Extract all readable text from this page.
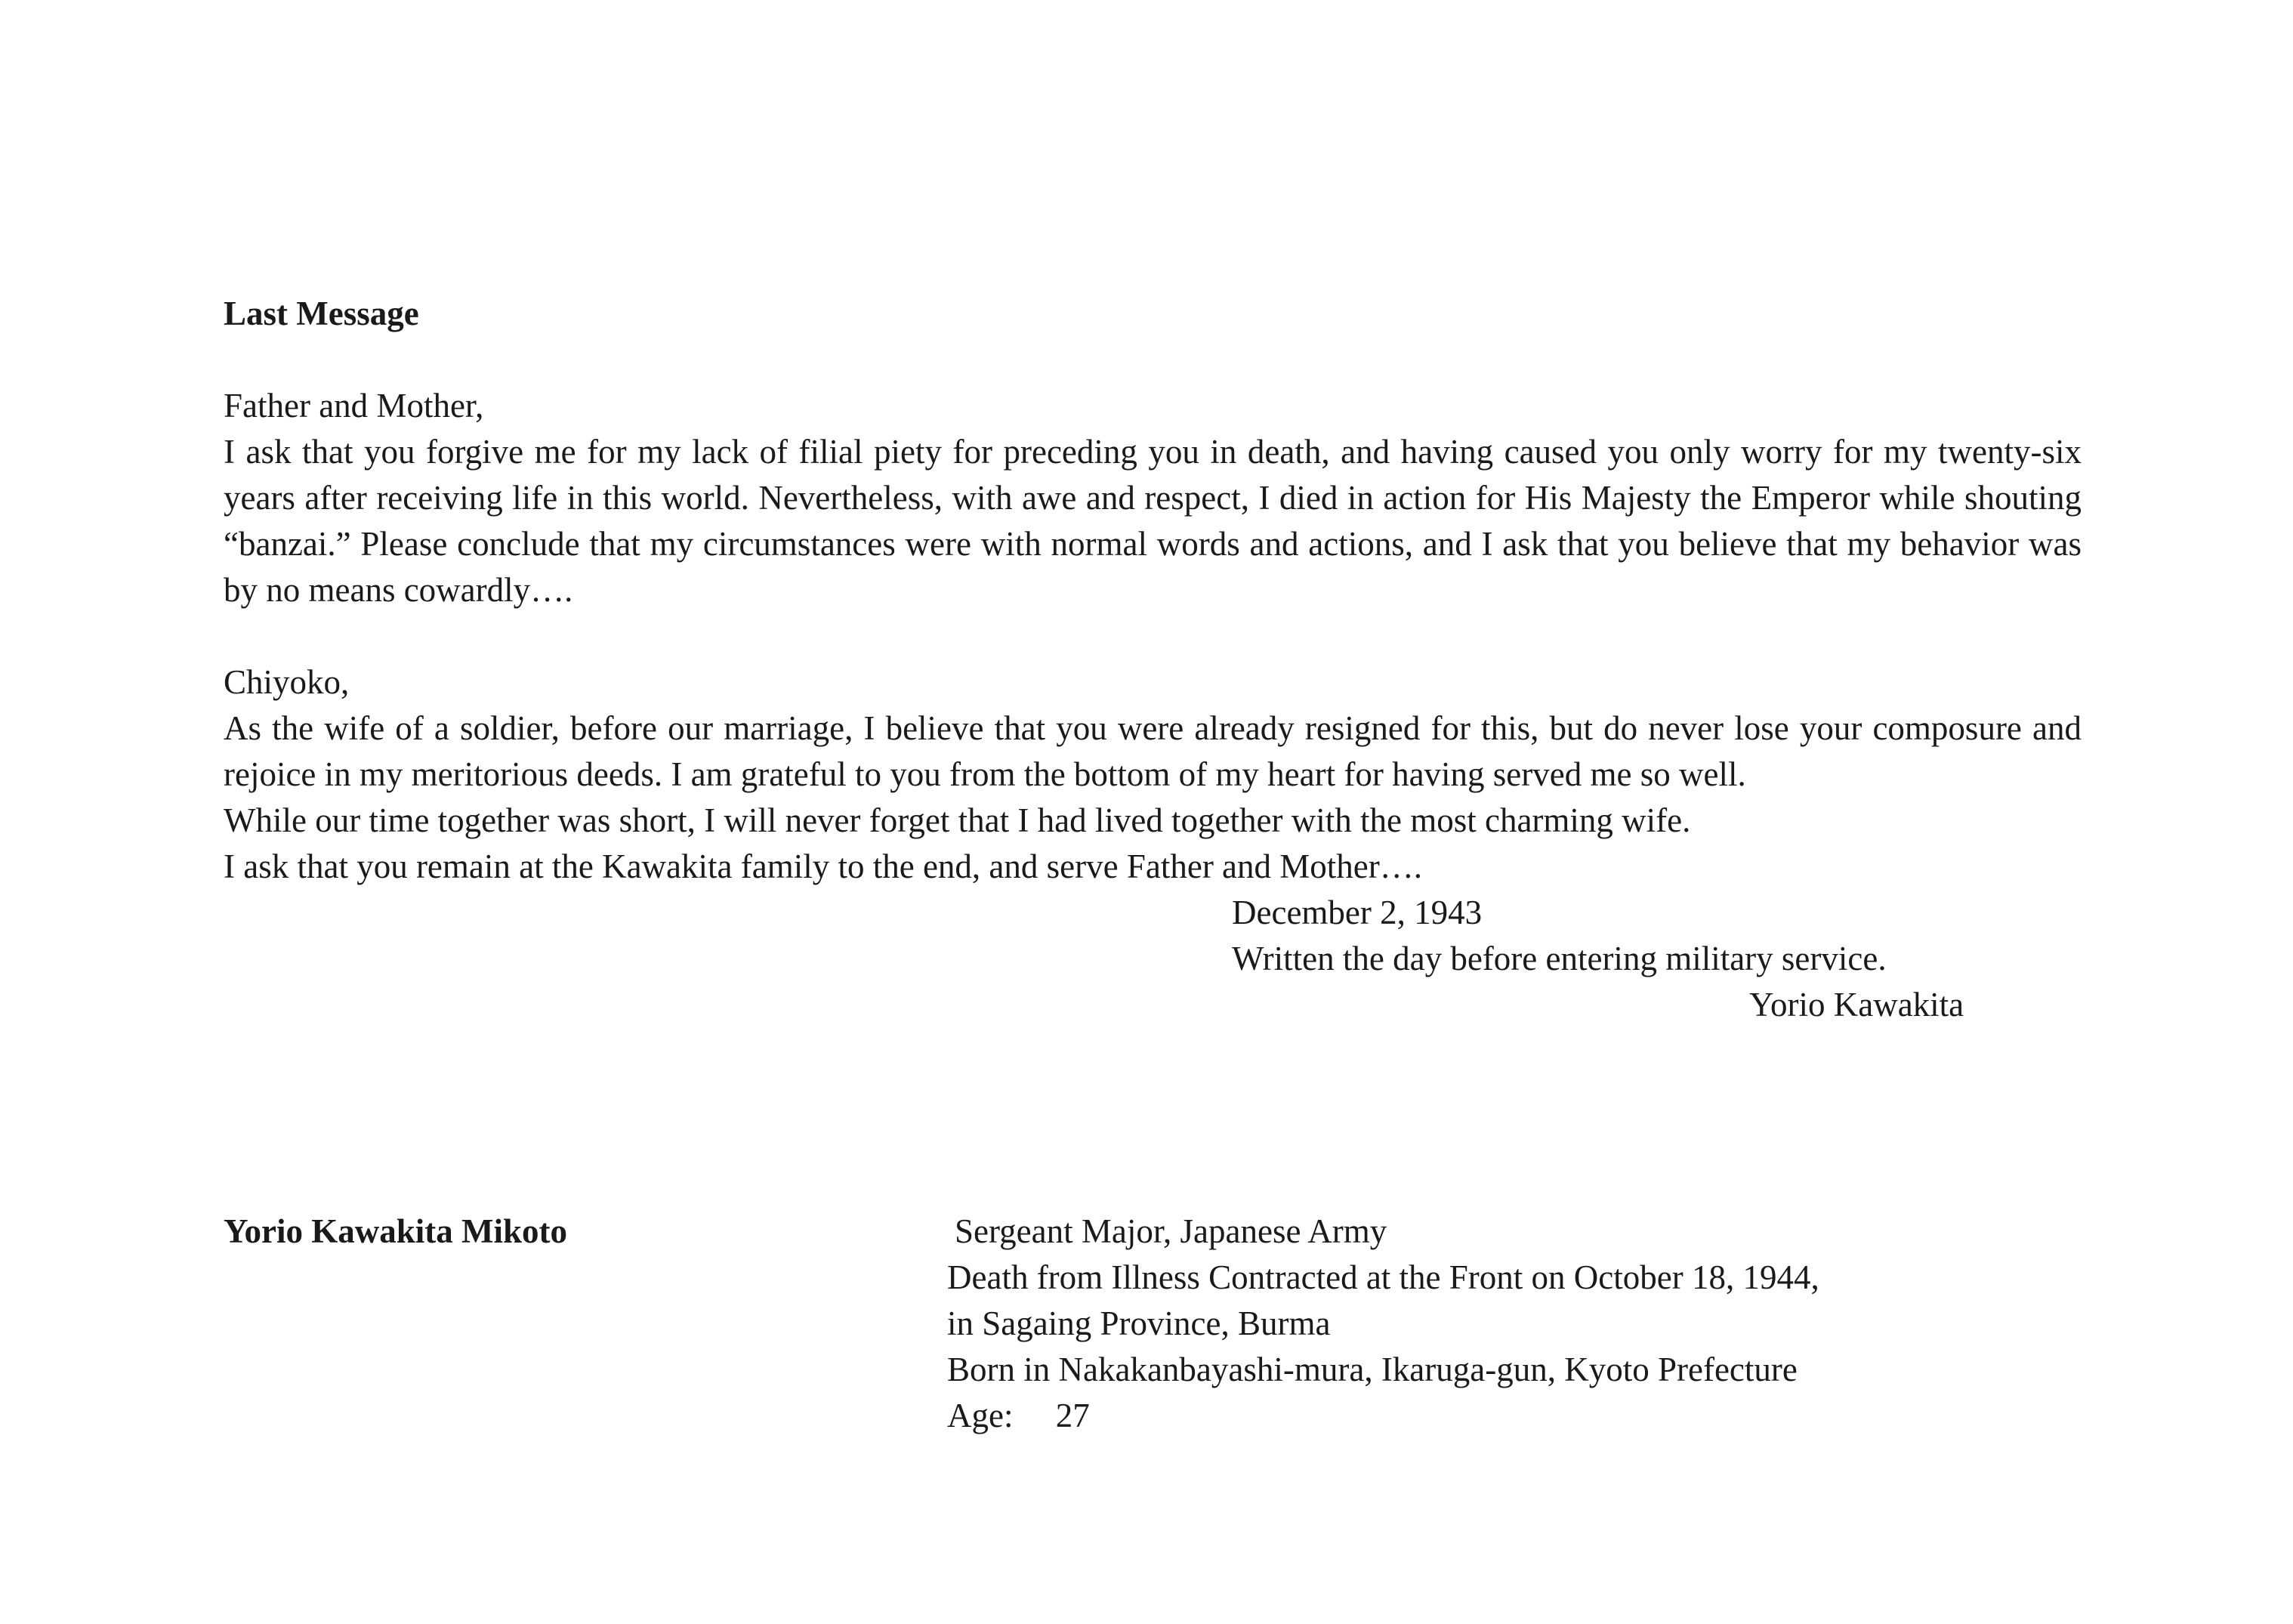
Last Message

Father and Mother,

I ask that you forgive me for my lack of filial piety for preceding you in death, and having caused you only worry for my twenty-six years after receiving life in this world. Nevertheless, with awe and respect, I died in action for His Majesty the Emperor while shouting “banzai.” Please conclude that my circumstances were with normal words and actions, and I ask that you believe that my behavior was by no means cowardly….

Chiyoko,

As the wife of a soldier, before our marriage, I believe that you were already resigned for this, but do never lose your composure and rejoice in my meritorious deeds. I am grateful to you from the bottom of my heart for having served me so well.

While our time together was short, I will never forget that I had lived together with the most charming wife.

I ask that you remain at the Kawakita family to the end, and serve Father and Mother….

December 2, 1943

Written the day before entering military service.

Yorio Kawakita

Yorio Kawakita Mikoto	Sergeant Major, Japanese Army

Death from Illness Contracted at the Front on October 18, 1944,

in Sagaing Province, Burma

Born in Nakakanbayashi-mura, Ikaruga-gun, Kyoto Prefecture

Age:　 27
